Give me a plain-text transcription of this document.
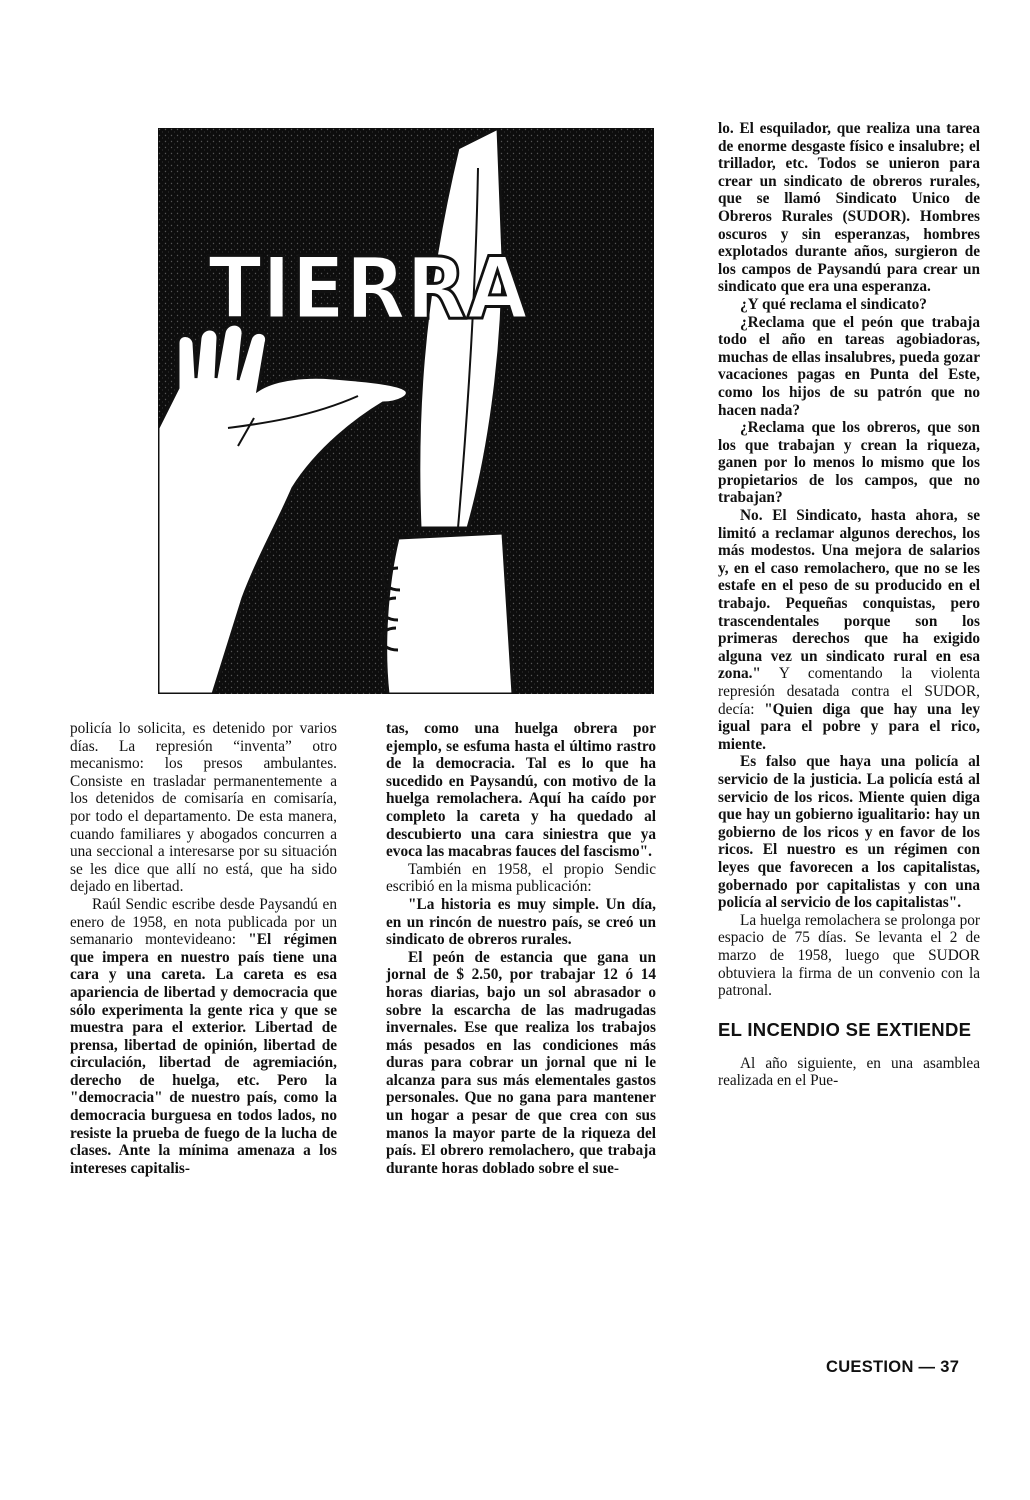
TIERRA

policía lo solicita, es detenido por varios días. La represión “inventa” otro mecanismo: los presos ambulantes. Consiste en trasladar permanentemente a los detenidos de comisaría en comisaría, por todo el departamento. De esta manera, cuando familiares y abogados concurren a una seccional a interesarse por su situación se les dice que allí no está, que ha sido dejado en libertad.

Raúl Sendic escribe desde Paysandú en enero de 1958, en nota publicada por un semanario montevideano: "El régimen que impera en nuestro país tiene una cara y una careta. La careta es esa apariencia de libertad y democracia que sólo experimenta la gente rica y que se muestra para el exterior. Libertad de prensa, libertad de opinión, libertad de circulación, libertad de agremiación, derecho de huelga, etc. Pero la "democracia" de nuestro país, como la democracia burguesa en todos lados, no resiste la prueba de fuego de la lucha de clases. Ante la mínima amenaza a los intereses capitalis-

tas, como una huelga obrera por ejemplo, se esfuma hasta el último rastro de la democracia. Tal es lo que ha sucedido en Paysandú, con motivo de la huelga remolachera. Aquí ha caído por completo la careta y ha quedado al descubierto una cara siniestra que ya evoca las macabras fauces del fascismo".

También en 1958, el propio Sendic escribió en la misma publicación:

"La historia es muy simple. Un día, en un rincón de nuestro país, se creó un sindicato de obreros rurales.

El peón de estancia que gana un jornal de $ 2.50, por trabajar 12 ó 14 horas diarias, bajo un sol abrasador o sobre la escarcha de las madrugadas invernales. Ese que realiza los trabajos más pesados en las condiciones más duras para cobrar un jornal que ni le alcanza para sus más elementales gastos personales. Que no gana para mantener un hogar a pesar de que crea con sus manos la mayor parte de la riqueza del país. El obrero remolachero, que trabaja durante horas doblado sobre el sue-

lo. El esquilador, que realiza una tarea de enorme desgaste físico e insalubre; el trillador, etc. Todos se unieron para crear un sindicato de obreros rurales, que se llamó Sindicato Unico de Obreros Rurales (SUDOR). Hombres oscuros y sin esperanzas, hombres explotados durante años, surgieron de los campos de Paysandú para crear un sindicato que era una esperanza.

¿Y qué reclama el sindicato?

¿Reclama que el peón que trabaja todo el año en tareas agobiadoras, muchas de ellas insalubres, pueda gozar vacaciones pagas en Punta del Este, como los hijos de su patrón que no hacen nada?

¿Reclama que los obreros, que son los que trabajan y crean la riqueza, ganen por lo menos lo mismo que los propietarios de los campos, que no trabajan?

No. El Sindicato, hasta ahora, se limitó a reclamar algunos derechos, los más modestos. Una mejora de salarios y, en el caso remolachero, que no se les estafe en el peso de su producido en el trabajo. Pequeñas conquistas, pero trascendentales porque son los primeras derechos que ha exigido alguna vez un sindicato rural en esa zona." Y comentando la violenta represión desatada contra el SUDOR, decía: "Quien diga que hay una ley igual para el pobre y para el rico, miente.

Es falso que haya una policía al servicio de la justicia. La policía está al servicio de los ricos. Miente quien diga que hay un gobierno igualitario: hay un gobierno de los ricos y en favor de los ricos. El nuestro es un régimen con leyes que favorecen a los capitalistas, gobernado por capitalistas y con una policía al servicio de los capitalistas".

La huelga remolachera se prolonga por espacio de 75 días. Se levanta el 2 de marzo de 1958, luego que SUDOR obtuviera la firma de un convenio con la patronal.

EL INCENDIO SE EXTIENDE

Al año siguiente, en una asamblea realizada en el Pue-

CUESTION — 37
